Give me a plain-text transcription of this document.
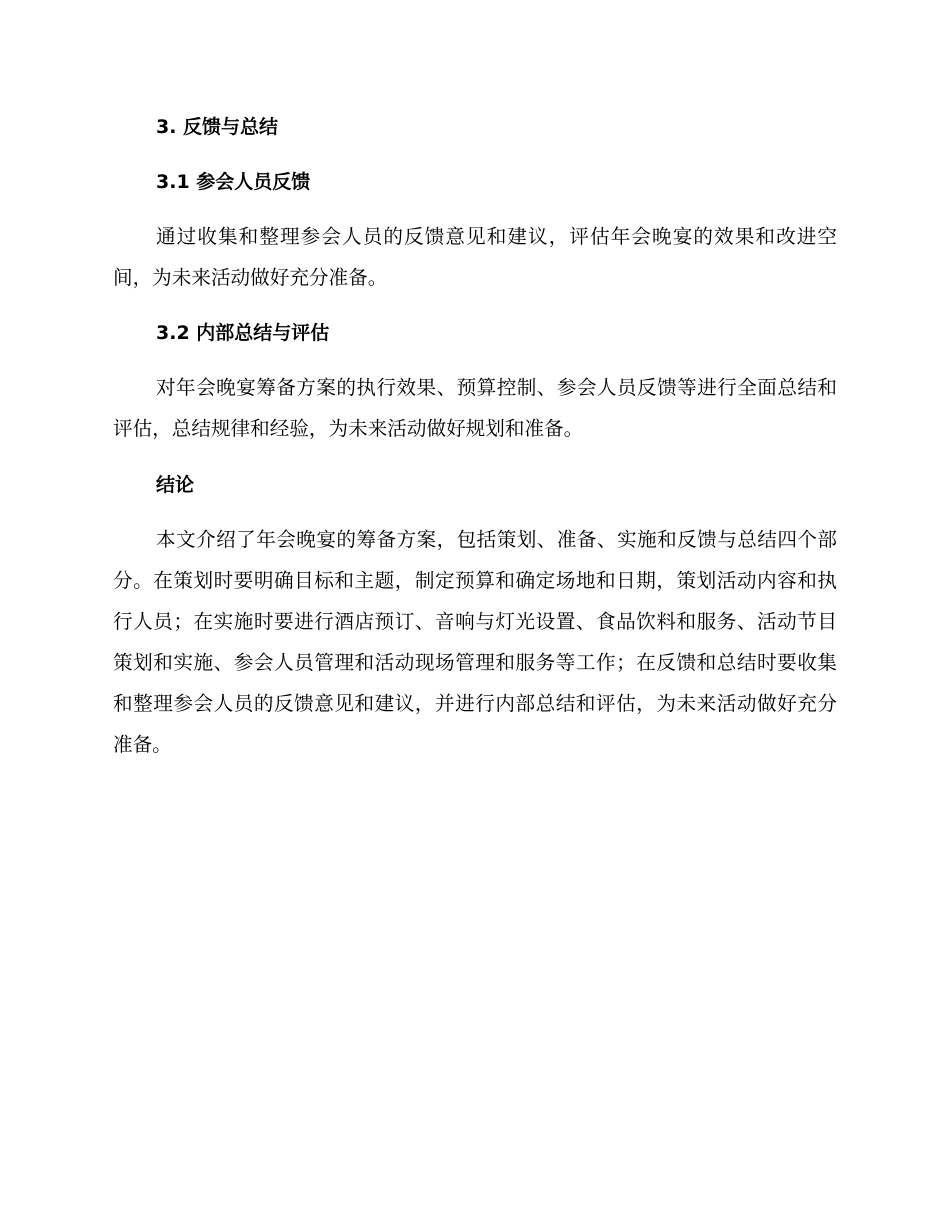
3. 反馈与总结
3.1 参会人员反馈
通过收集和整理参会人员的反馈意见和建议，评估年会晚宴的效果和改进空间，为未来活动做好充分准备。
3.2 内部总结与评估
对年会晚宴筹备方案的执行效果、预算控制、参会人员反馈等进行全面总结和评估，总结规律和经验，为未来活动做好规划和准备。
结论
本文介绍了年会晚宴的筹备方案，包括策划、准备、实施和反馈与总结四个部分。在策划时要明确目标和主题，制定预算和确定场地和日期，策划活动内容和执行人员；在实施时要进行酒店预订、音响与灯光设置、食品饮料和服务、活动节目策划和实施、参会人员管理和活动现场管理和服务等工作；在反馈和总结时要收集和整理参会人员的反馈意见和建议，并进行内部总结和评估，为未来活动做好充分准备。
